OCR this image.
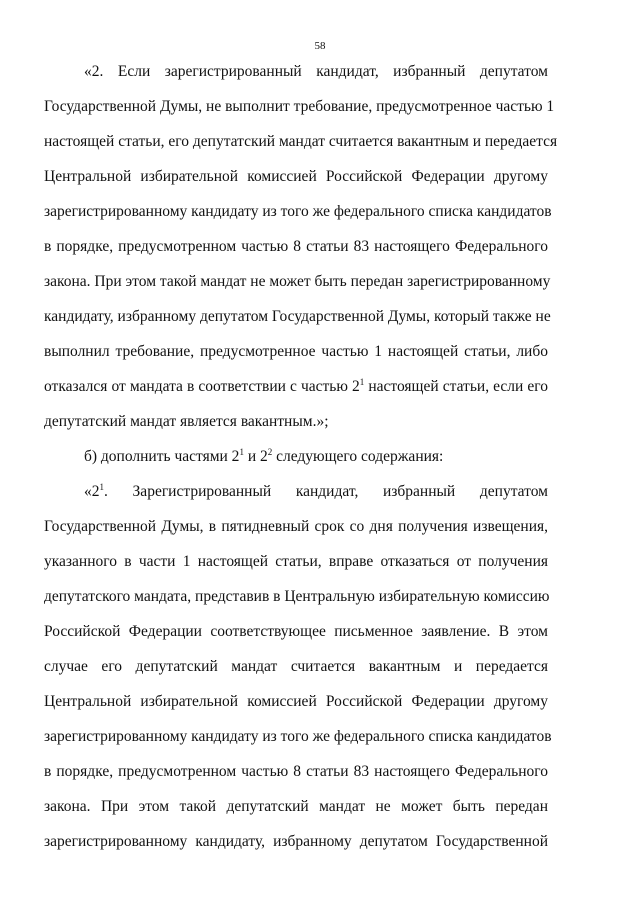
58
«2. Если зарегистрированный кандидат, избранный депутатом
Государственной Думы, не выполнит требование, предусмотренное частью 1
настоящей статьи, его депутатский мандат считается вакантным и передается
Центральной избирательной комиссией Российской Федерации другому
зарегистрированному кандидату из того же федерального списка кандидатов
в порядке, предусмотренном частью 8 статьи 83 настоящего Федерального
закона. При этом такой мандат не может быть передан зарегистрированному
кандидату, избранному депутатом Государственной Думы, который также не
выполнил требование, предусмотренное частью 1 настоящей статьи, либо
отказался от мандата в соответствии с частью $2^1$ настоящей статьи, если его
депутатский мандат является вакантным.»;
б) дополнить частями $2^1$ и $2^2$ следующего содержания:
«$2^1$. Зарегистрированный кандидат, избранный депутатом
Государственной Думы, в пятидневный срок со дня получения извещения,
указанного в части 1 настоящей статьи, вправе отказаться от получения
депутатского мандата, представив в Центральную избирательную комиссию
Российской Федерации соответствующее письменное заявление. В этом
случае его депутатский мандат считается вакантным и передается
Центральной избирательной комиссией Российской Федерации другому
зарегистрированному кандидату из того же федерального списка кандидатов
в порядке, предусмотренном частью 8 статьи 83 настоящего Федерального
закона. При этом такой депутатский мандат не может быть передан
зарегистрированному кандидату, избранному депутатом Государственной
